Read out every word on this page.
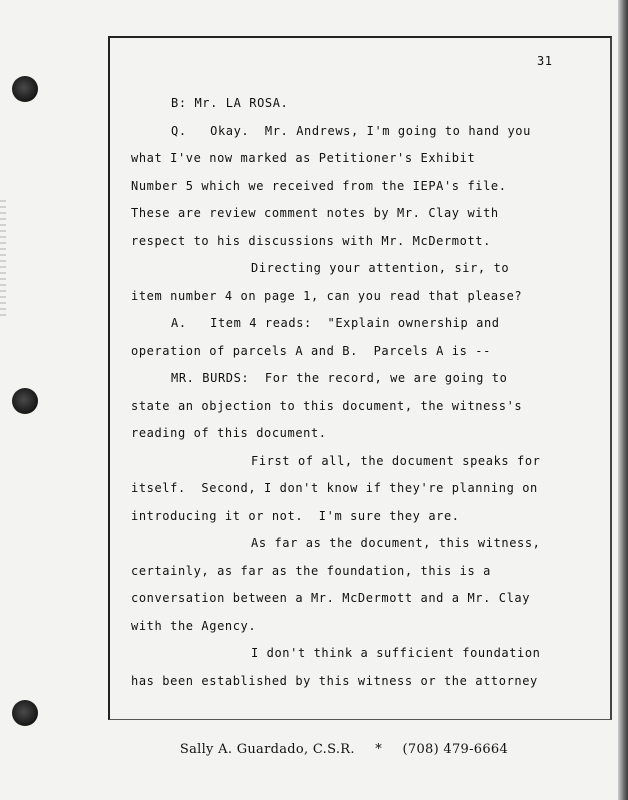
31
B: Mr. LA ROSA.
Q.   Okay.  Mr. Andrews, I'm going to hand you
what I've now marked as Petitioner's Exhibit
Number 5 which we received from the IEPA's file.
These are review comment notes by Mr. Clay with
respect to his discussions with Mr. McDermott.
Directing your attention, sir, to
item number 4 on page 1, can you read that please?
A.   Item 4 reads:  "Explain ownership and
operation of parcels A and B.  Parcels A is --
MR. BURDS:  For the record, we are going to
state an objection to this document, the witness's
reading of this document.
First of all, the document speaks for
itself.  Second, I don't know if they're planning on
introducing it or not.  I'm sure they are.
As far as the document, this witness,
certainly, as far as the foundation, this is a
conversation between a Mr. McDermott and a Mr. Clay
with the Agency.
I don't think a sufficient foundation
has been established by this witness or the attorney
Sally A. Guardado, C.S.R. * (708) 479-6664
